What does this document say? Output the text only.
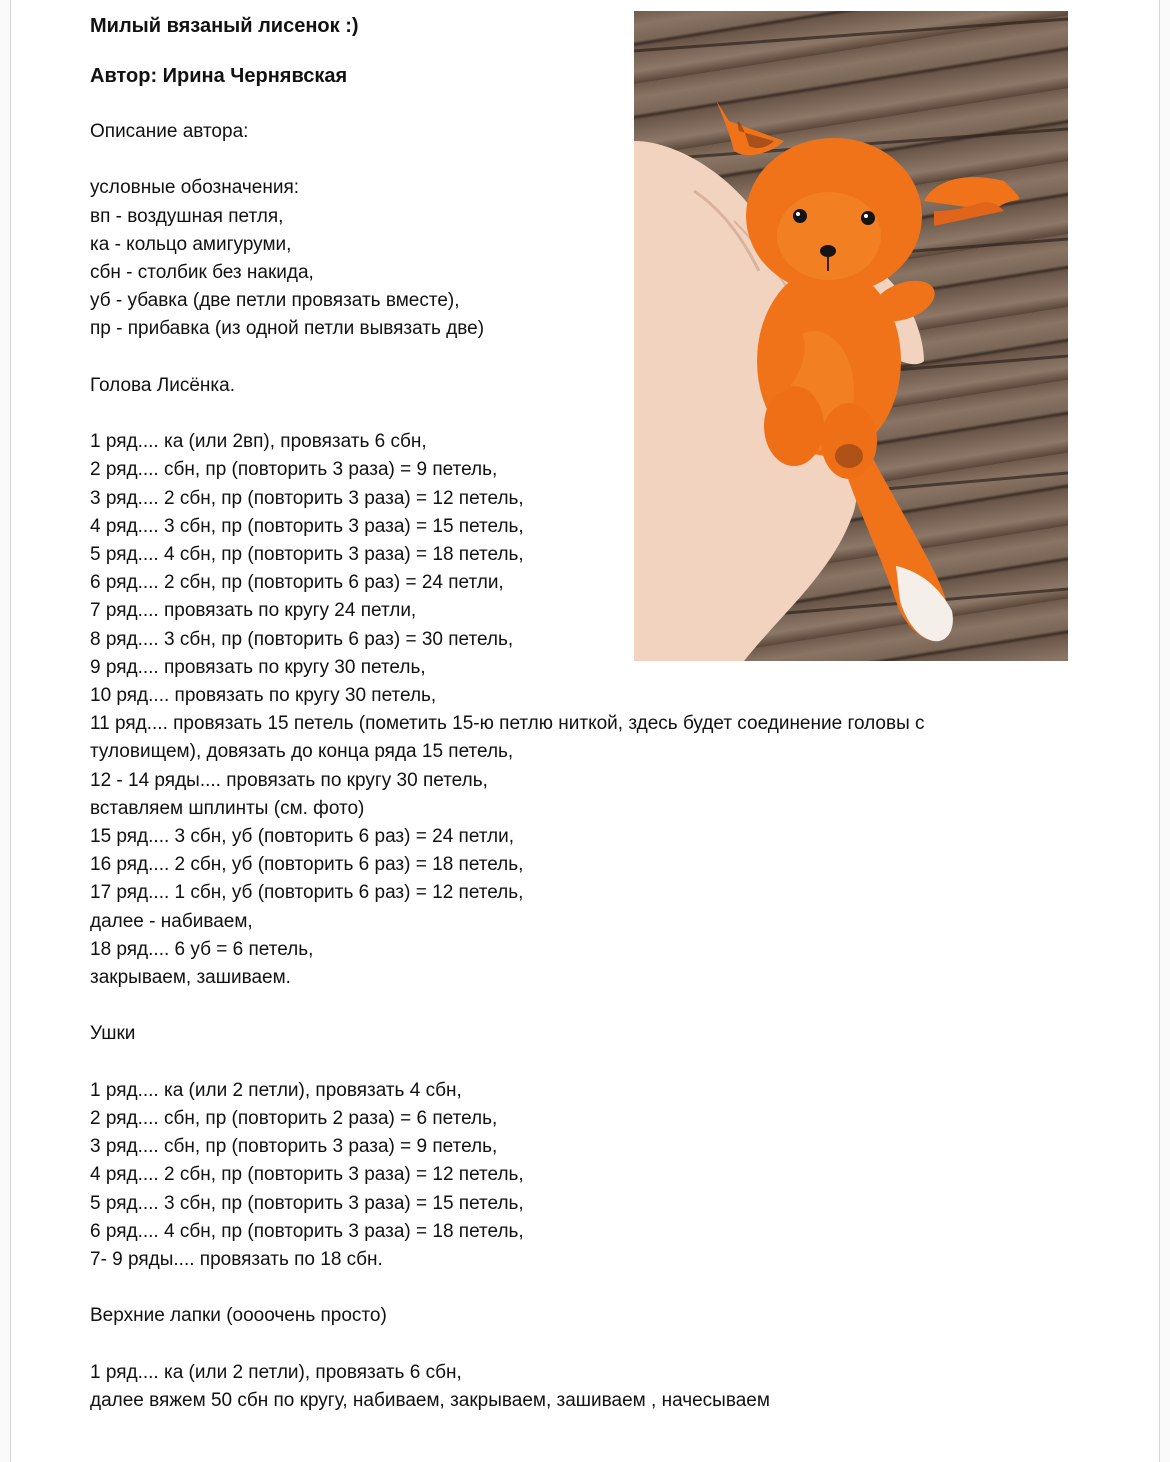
Милый вязаный лисенок :)
Автор: Ирина Чернявская
Описание автора:
условные обозначения:
вп - воздушная петля,
ка - кольцо амигуруми,
сбн - столбик без накида,
уб - убавка (две петли провязать вместе),
пр - прибавка (из одной петли вывязать две)
Голова Лисёнка.
1 ряд.... ка (или 2вп), провязать 6 сбн,
2 ряд.... сбн, пр (повторить 3 раза) = 9 петель,
3 ряд.... 2 сбн, пр (повторить 3 раза) = 12 петель,
4 ряд.... 3 сбн, пр (повторить 3 раза) = 15 петель,
5 ряд.... 4 сбн, пр (повторить 3 раза) = 18 петель,
6 ряд.... 2 сбн, пр (повторить 6 раз) = 24 петли,
7 ряд.... провязать по кругу 24 петли,
8 ряд.... 3 сбн, пр (повторить 6 раз) = 30 петель,
9 ряд.... провязать по кругу 30 петель,
10 ряд.... провязать по кругу 30 петель,
11 ряд.... провязать 15 петель (пометить 15-ю петлю ниткой, здесь будет соединение головы с
туловищем), довязать до конца ряда 15 петель,
12 - 14 ряды.... провязать по кругу 30 петель,
вставляем шплинты (см. фото)
15 ряд.... 3 сбн, уб (повторить 6 раз) = 24 петли,
16 ряд.... 2 сбн, уб (повторить 6 раз) = 18 петель,
17 ряд.... 1 сбн, уб (повторить 6 раз) = 12 петель,
далее - набиваем,
18 ряд.... 6 уб = 6 петель,
закрываем, зашиваем.
Ушки
1 ряд.... ка (или 2 петли), провязать 4 сбн,
2 ряд.... сбн, пр (повторить 2 раза) = 6 петель,
3 ряд.... сбн, пр (повторить 3 раза) = 9 петель,
4 ряд.... 2 сбн, пр (повторить 3 раза) = 12 петель,
5 ряд.... 3 сбн, пр (повторить 3 раза) = 15 петель,
6 ряд.... 4 сбн, пр (повторить 3 раза) = 18 петель,
7- 9 ряды.... провязать по 18 сбн.
Верхние лапки (оооочень просто)
1 ряд.... ка (или 2 петли), провязать 6 сбн,
далее вяжем 50 сбн по кругу, набиваем, закрываем, зашиваем , начесываем
